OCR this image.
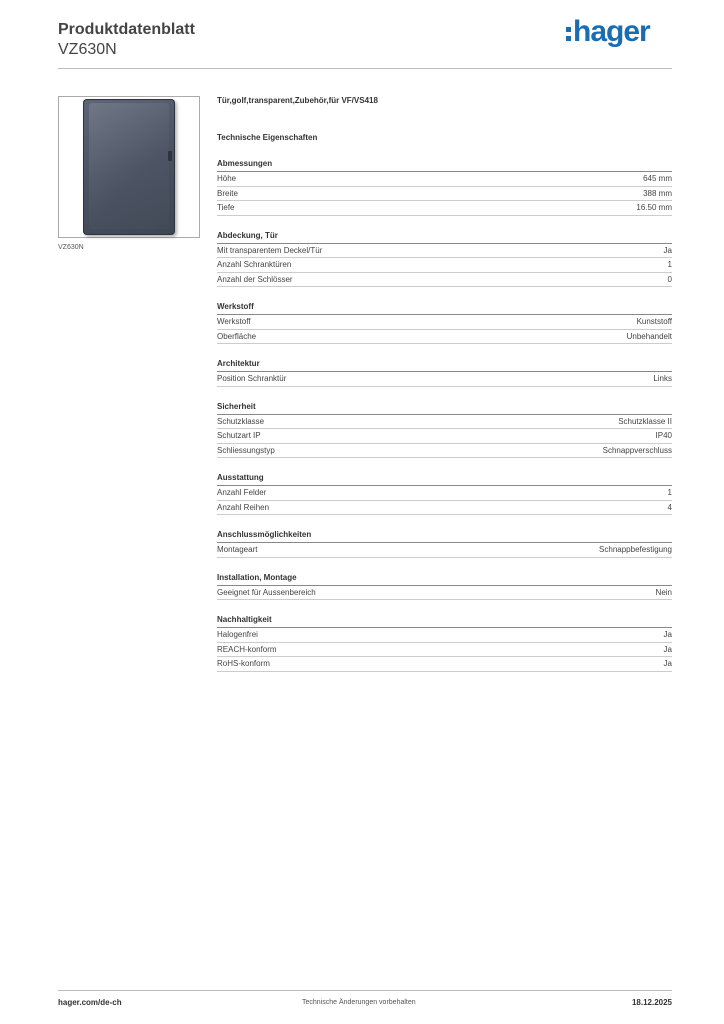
Produktdatenblatt
VZ630N
hager
VZ630N
Tür,golf,transparent,Zubehör,für VF/VS418
Technische Eigenschaften
Abmessungen
Höhe	645 mm
Breite	388 mm
Tiefe	16.50 mm
Abdeckung, Tür
Mit transparentem Deckel/Tür	Ja
Anzahl Schranktüren	1
Anzahl der Schlösser	0
Werkstoff
Werkstoff	Kunststoff
Oberfläche	Unbehandelt
Architektur
Position Schranktür	Links
Sicherheit
Schutzklasse	Schutzklasse II
Schutzart IP	IP40
Schliessungstyp	Schnappverschluss
Ausstattung
Anzahl Felder	1
Anzahl Reihen	4
Anschlussmöglichkeiten
Montageart	Schnappbefestigung
Installation, Montage
Geeignet für Aussenbereich	Nein
Nachhaltigkeit
Halogenfrei	Ja
REACH-konform	Ja
RoHS-konform	Ja
hager.com/de-ch	Technische Änderungen vorbehalten	18.12.2025
